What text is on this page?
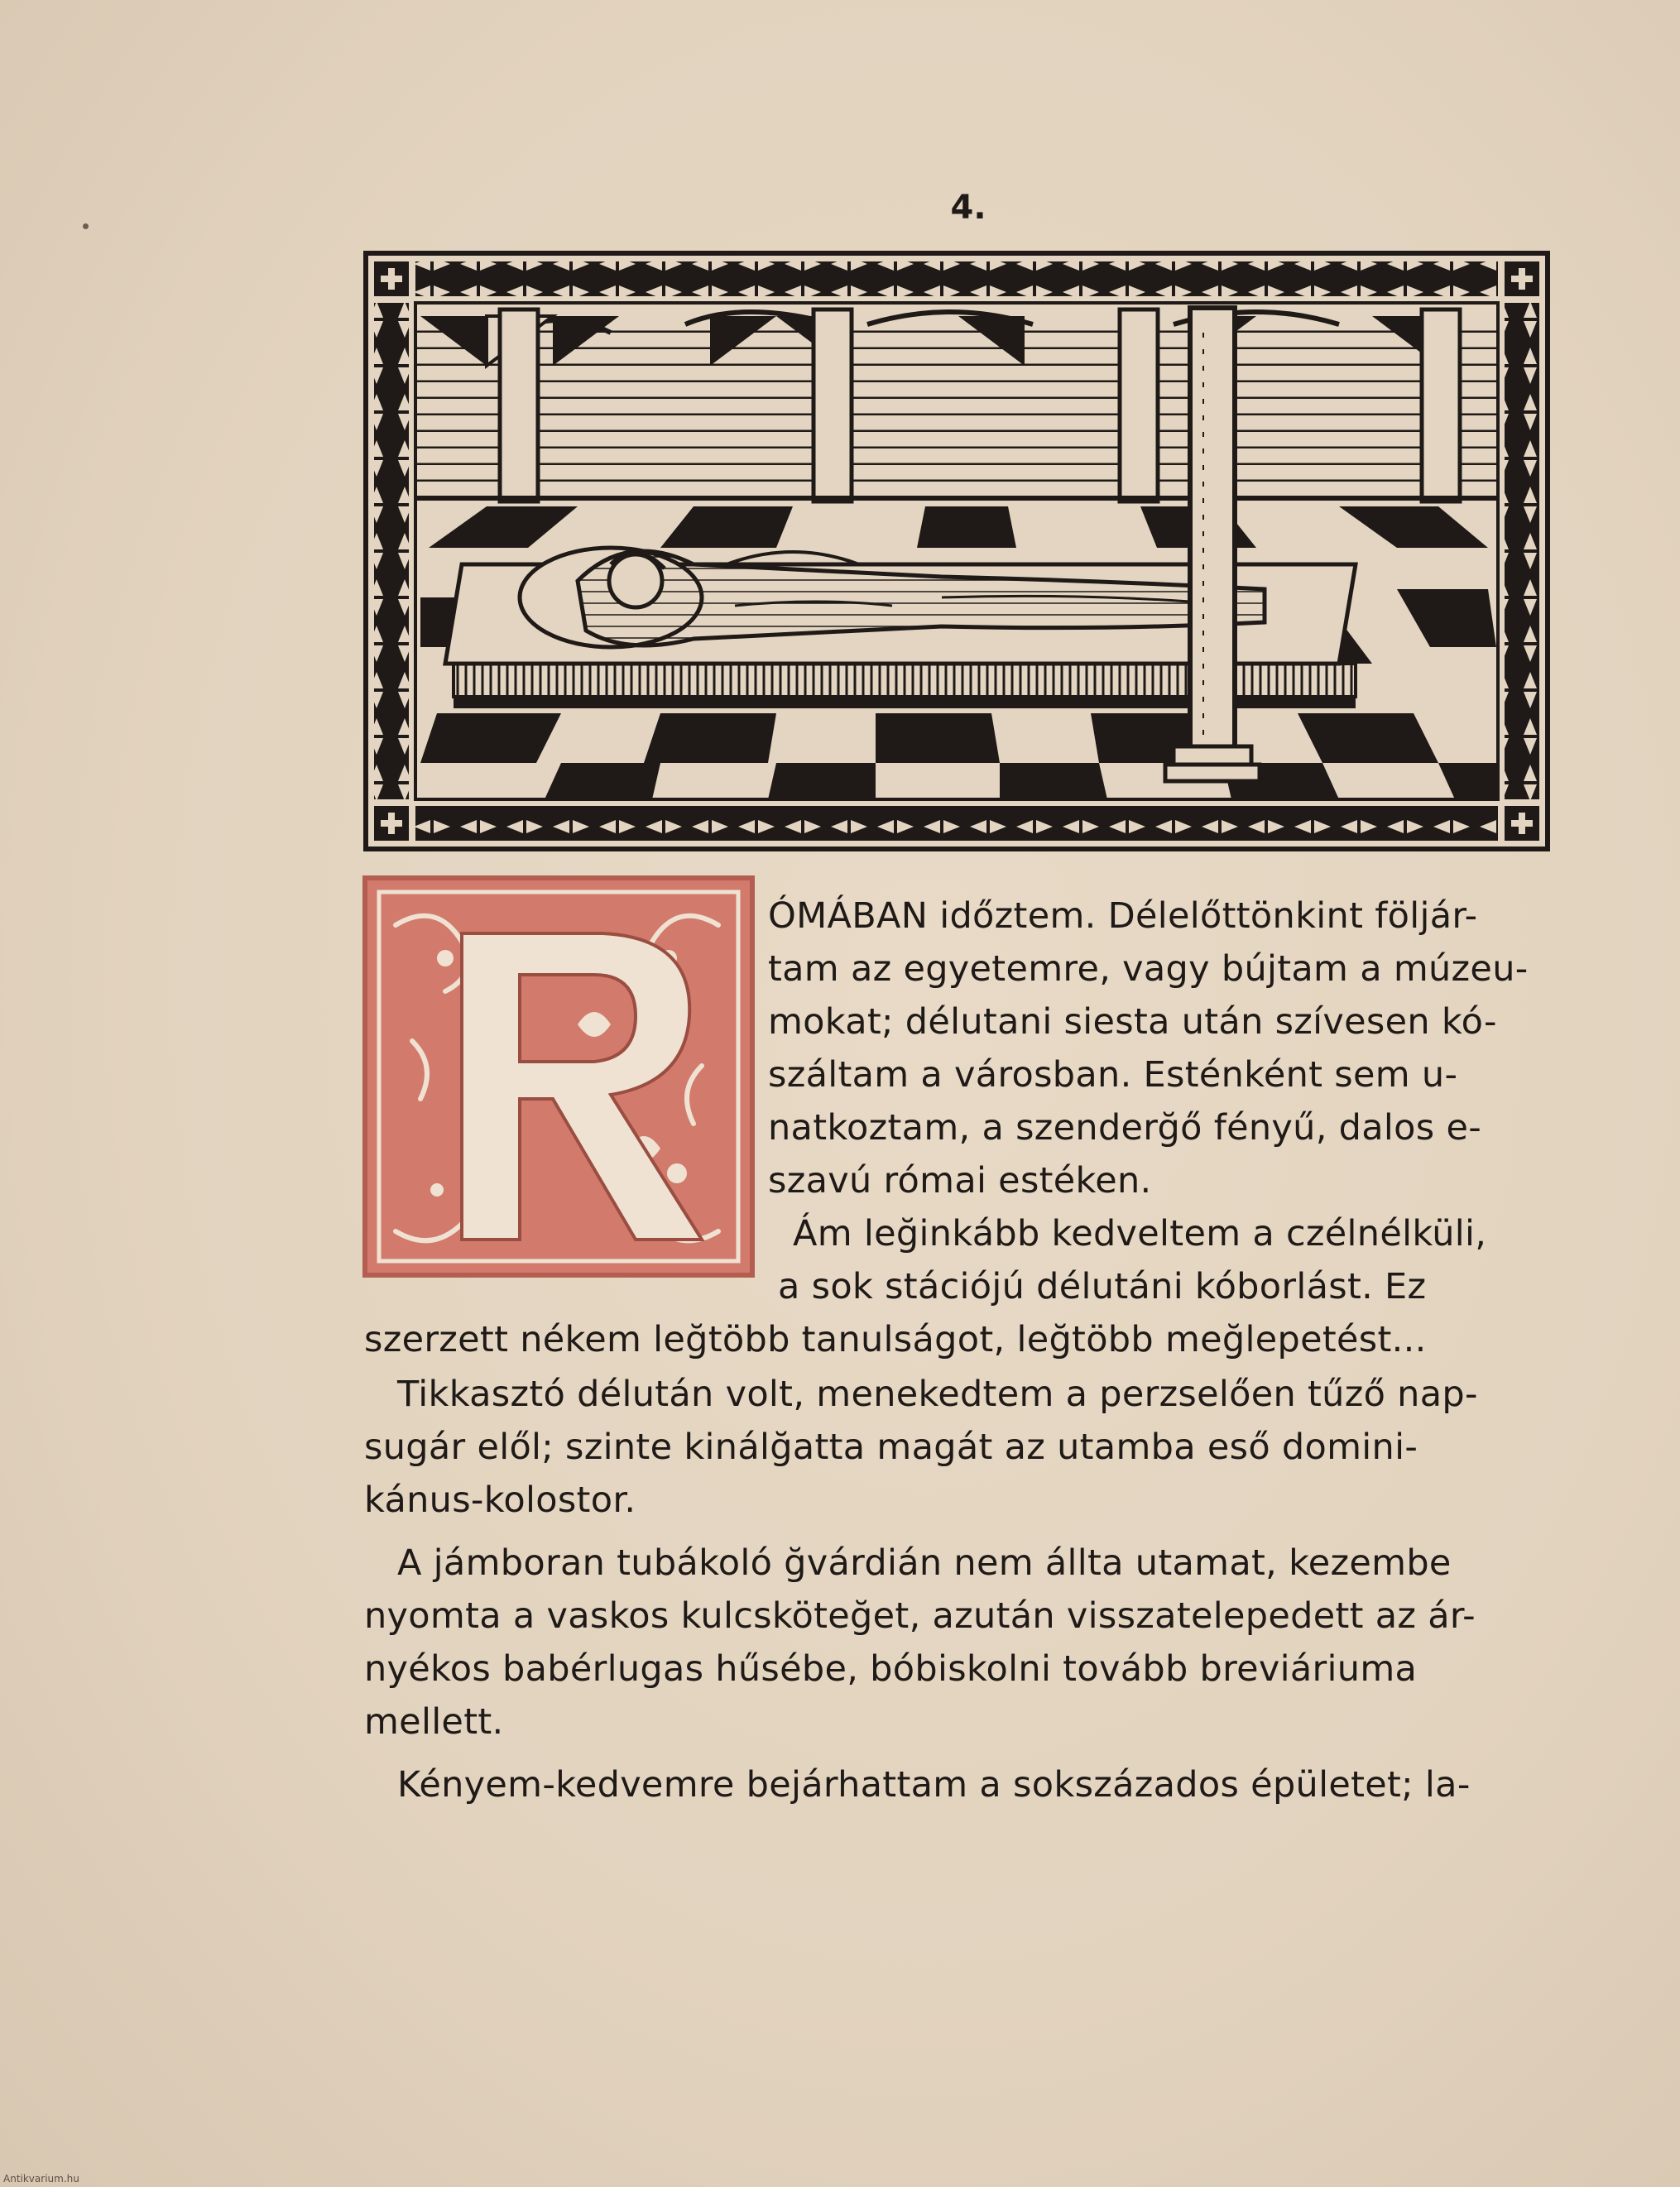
4.
ÓMÁBAN időztem. Délelőttönkint följár-
tam az egyetemre, vagy bújtam a múzeu-
mokat; délutani siesta után szívesen kó-
száltam a városban. Esténként sem u-
natkoztam, a szenderğő fényű, dalos e-
szavú római estéken.
Ám leğinkább kedveltem a czélnélküli,
a sok stációjú délutáni kóborlást. Ez
szerzett nékem leğtöbb tanulságot, leğtöbb meğlepetést...
Tikkasztó délután volt, menekedtem a perzselően tűző nap-
sugár elől; szinte kinálğatta magát az utamba eső domini-
kánus-kolostor.
A jámboran tubákoló ğvárdián nem állta utamat, kezembe
nyomta a vaskos kulcsköteğet, azután visszatelepedett az ár-
nyékos babérlugas hűsébe, bóbiskolni tovább breviáriuma
mellett.
Kényem-kedvemre bejárhattam a sokszázados épületet; la-
Antikvarium.hu
